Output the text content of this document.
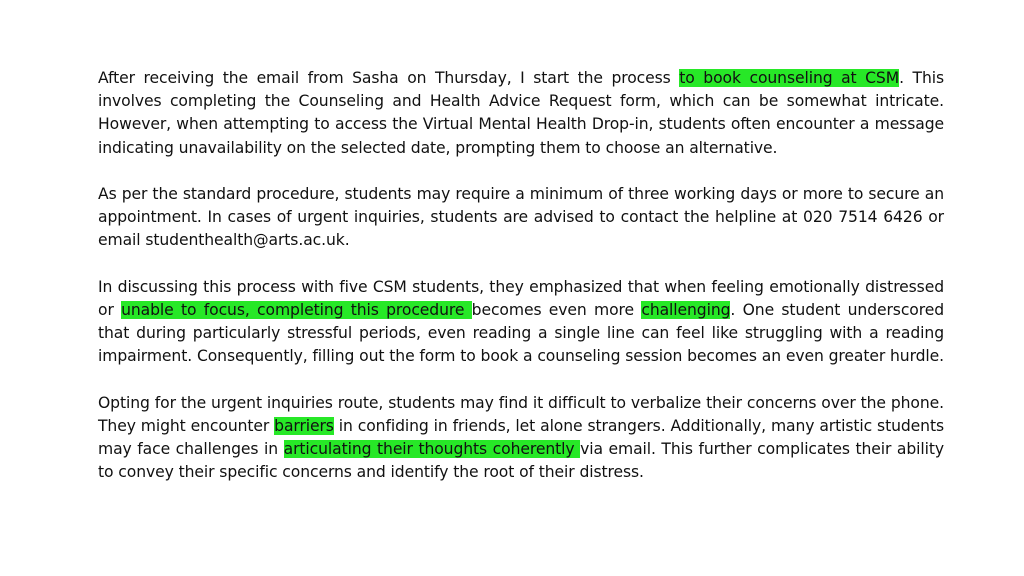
After receiving the email from Sasha on Thursday, I start the process to book counseling at CSM. This involves completing the Counseling and Health Advice Request form, which can be somewhat intricate. However, when attempting to access the Virtual Mental Health Drop-in, students often encounter a message indicating unavailability on the selected date, prompting them to choose an alternative.

As per the standard procedure, students may require a minimum of three working days or more to secure an appointment. In cases of urgent inquiries, students are advised to contact the helpline at 020 7514 6426 or email studenthealth@arts.ac.uk.

In discussing this process with five CSM students, they emphasized that when feeling emotionally distressed or unable to focus, completing this procedure becomes even more challenging. One student underscored that during particularly stressful periods, even reading a single line can feel like struggling with a reading impairment. Consequently, filling out the form to book a counseling session becomes an even greater hurdle.

Opting for the urgent inquiries route, students may find it difficult to verbalize their concerns over the phone. They might encounter barriers in confiding in friends, let alone strangers. Additionally, many artistic students may face challenges in articulating their thoughts coherently via email. This further complicates their ability to convey their specific concerns and identify the root of their distress.
